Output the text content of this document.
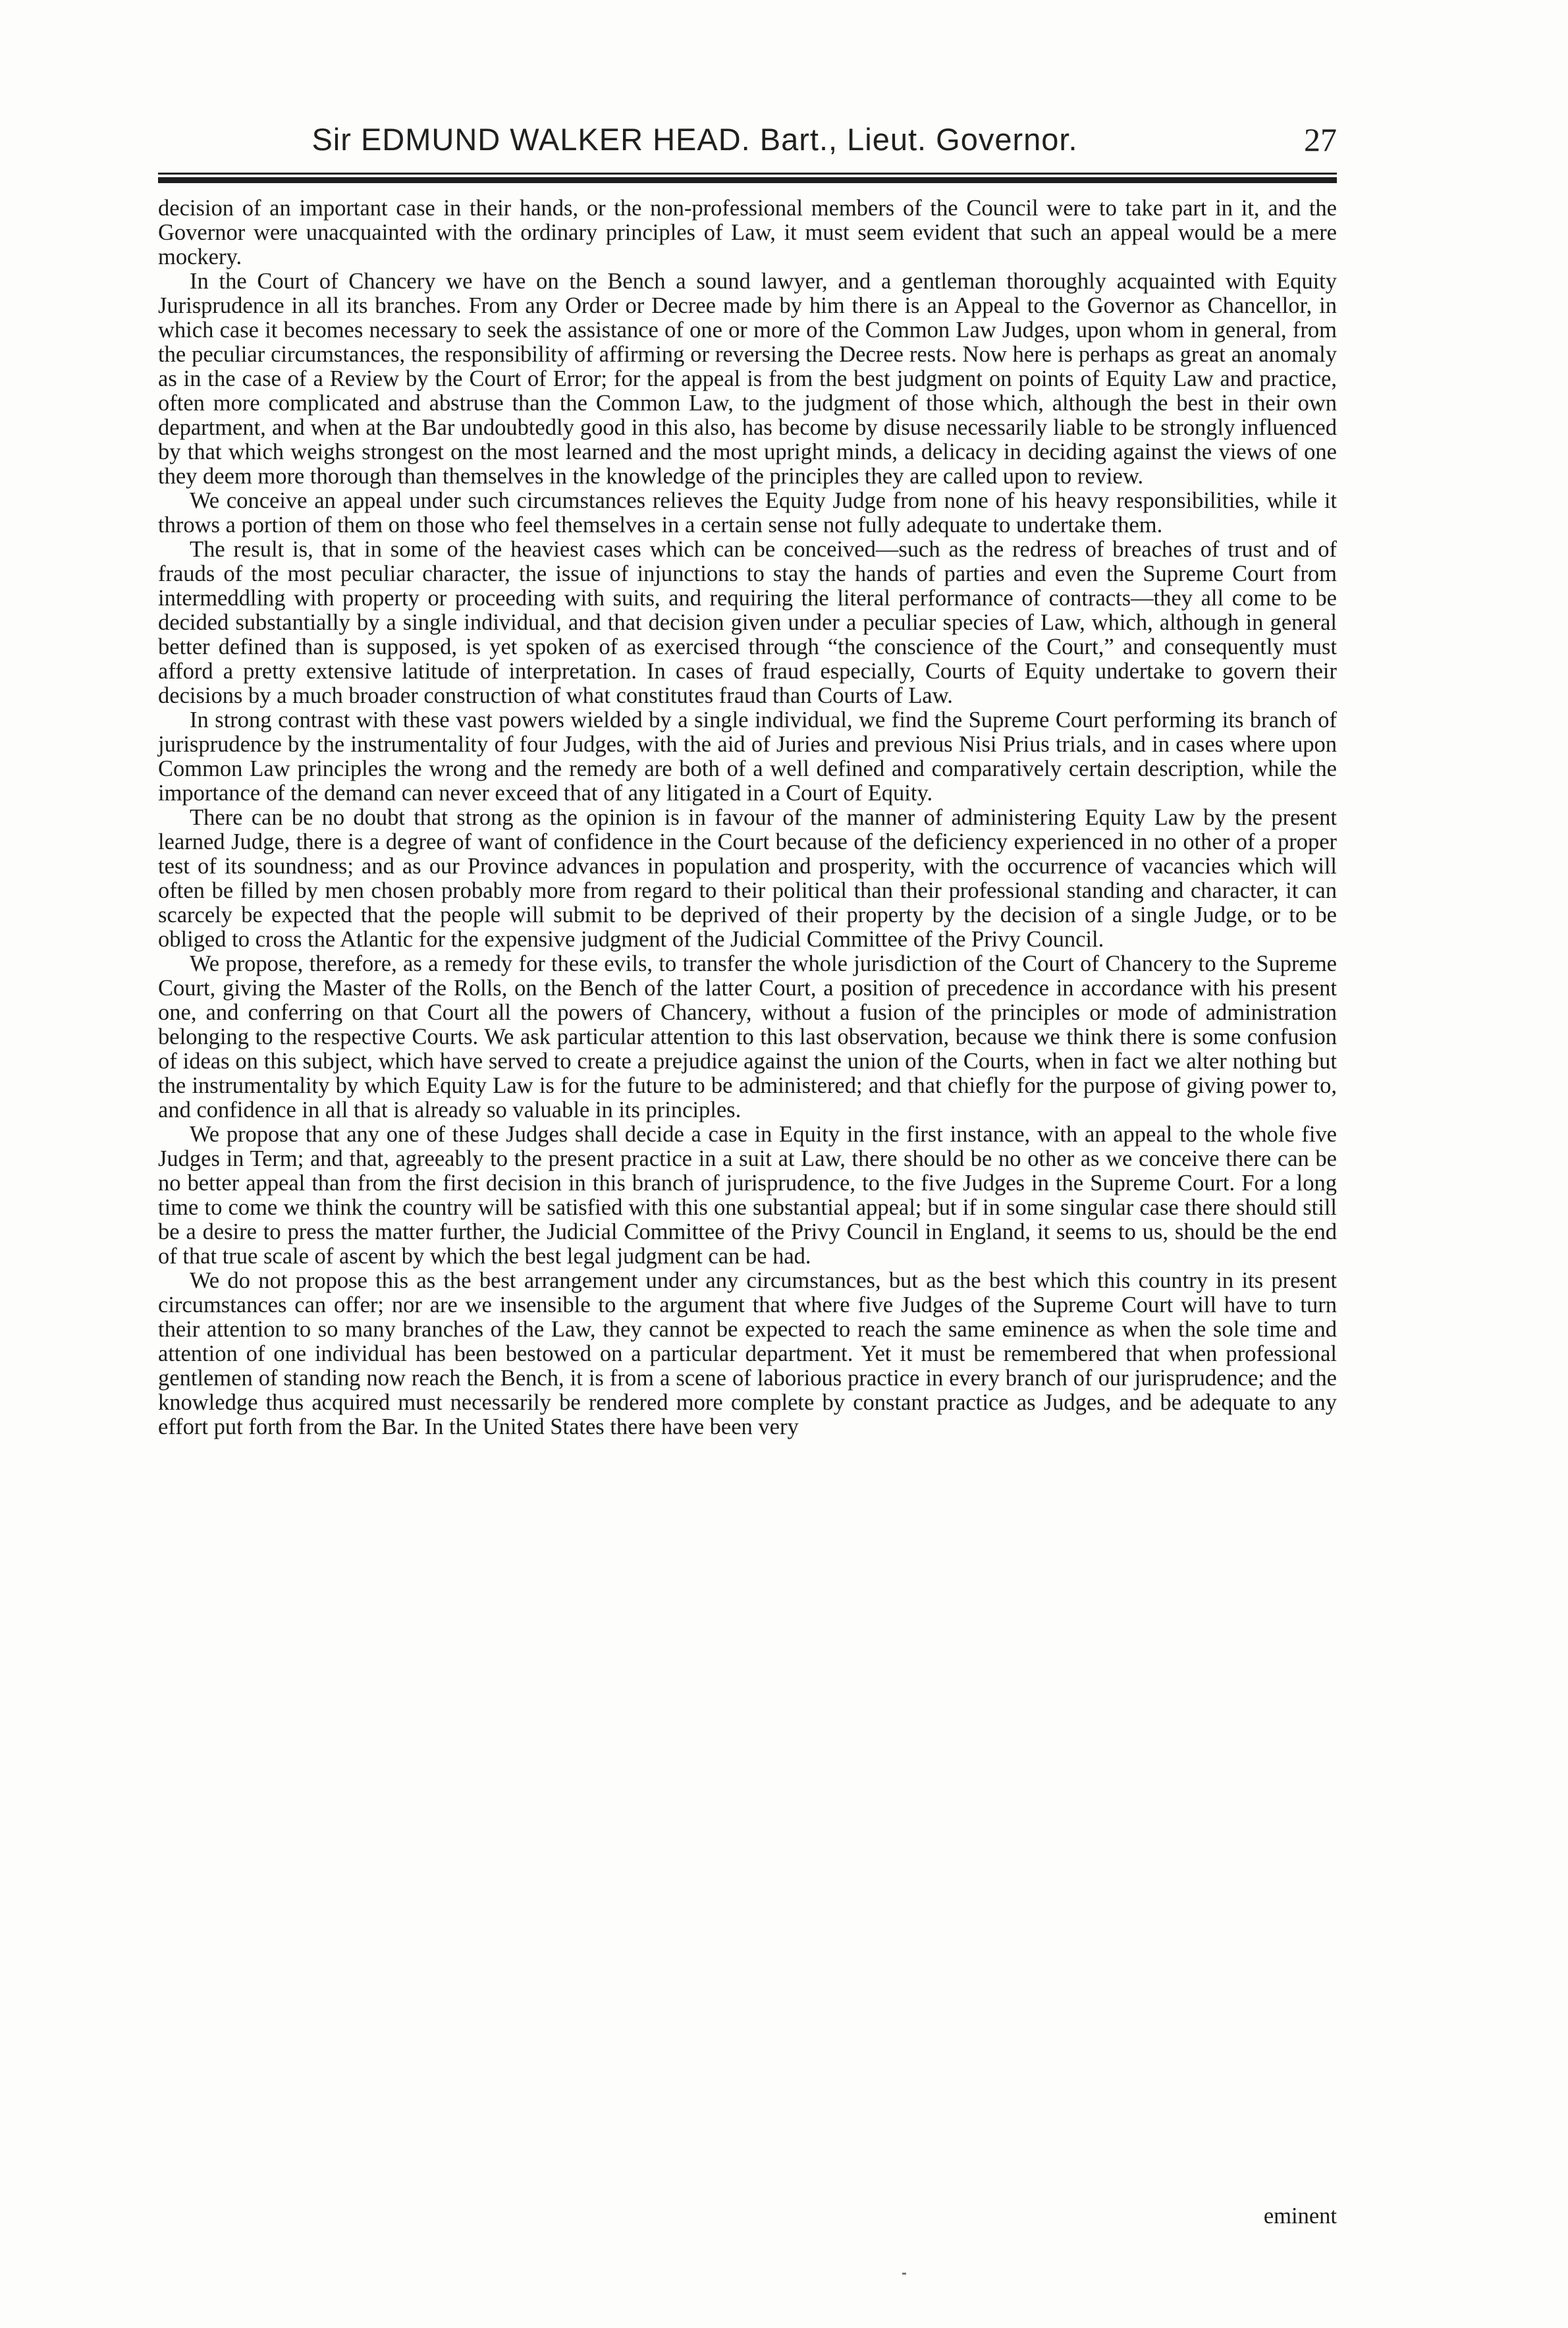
Sir EDMUND WALKER HEAD. Bart., Lieut. Governor.	27

decision of an important case in their hands, or the non-professional members of the Council were to take part in it, and the Governor were unacquainted with the ordinary principles of Law, it must seem evident that such an appeal would be a mere mockery.

In the Court of Chancery we have on the Bench a sound lawyer, and a gentleman thoroughly acquainted with Equity Jurisprudence in all its branches. From any Order or Decree made by him there is an Appeal to the Governor as Chancellor, in which case it becomes necessary to seek the assistance of one or more of the Common Law Judges, upon whom in general, from the peculiar circumstances, the responsibility of affirming or reversing the Decree rests. Now here is perhaps as great an anomaly as in the case of a Review by the Court of Error; for the appeal is from the best judgment on points of Equity Law and practice, often more complicated and abstruse than the Common Law, to the judgment of those which, although the best in their own department, and when at the Bar undoubtedly good in this also, has become by disuse necessarily liable to be strongly influenced by that which weighs strongest on the most learned and the most upright minds, a delicacy in deciding against the views of one they deem more thorough than themselves in the knowledge of the principles they are called upon to review.

We conceive an appeal under such circumstances relieves the Equity Judge from none of his heavy responsibilities, while it throws a portion of them on those who feel themselves in a certain sense not fully adequate to undertake them.

The result is, that in some of the heaviest cases which can be conceived—such as the redress of breaches of trust and of frauds of the most peculiar character, the issue of injunctions to stay the hands of parties and even the Supreme Court from intermeddling with property or proceeding with suits, and requiring the literal performance of contracts—they all come to be decided substantially by a single individual, and that decision given under a peculiar species of Law, which, although in general better defined than is supposed, is yet spoken of as exercised through “the conscience of the Court,” and consequently must afford a pretty extensive latitude of interpretation. In cases of fraud especially, Courts of Equity undertake to govern their decisions by a much broader construction of what constitutes fraud than Courts of Law.

In strong contrast with these vast powers wielded by a single individual, we find the Supreme Court performing its branch of jurisprudence by the instrumentality of four Judges, with the aid of Juries and previous Nisi Prius trials, and in cases where upon Common Law principles the wrong and the remedy are both of a well defined and comparatively certain description, while the importance of the demand can never exceed that of any litigated in a Court of Equity.

There can be no doubt that strong as the opinion is in favour of the manner of administering Equity Law by the present learned Judge, there is a degree of want of confidence in the Court because of the deficiency experienced in no other of a proper test of its soundness; and as our Province advances in population and prosperity, with the occurrence of vacancies which will often be filled by men chosen probably more from regard to their political than their professional standing and character, it can scarcely be expected that the people will submit to be deprived of their property by the decision of a single Judge, or to be obliged to cross the Atlantic for the expensive judgment of the Judicial Committee of the Privy Council.

We propose, therefore, as a remedy for these evils, to transfer the whole jurisdiction of the Court of Chancery to the Supreme Court, giving the Master of the Rolls, on the Bench of the latter Court, a position of precedence in accordance with his present one, and conferring on that Court all the powers of Chancery, without a fusion of the principles or mode of administration belonging to the respective Courts. We ask particular attention to this last observation, because we think there is some confusion of ideas on this subject, which have served to create a prejudice against the union of the Courts, when in fact we alter nothing but the instrumentality by which Equity Law is for the future to be administered; and that chiefly for the purpose of giving power to, and confidence in all that is already so valuable in its principles.

We propose that any one of these Judges shall decide a case in Equity in the first instance, with an appeal to the whole five Judges in Term; and that, agreeably to the present practice in a suit at Law, there should be no other as we conceive there can be no better appeal than from the first decision in this branch of jurisprudence, to the five Judges in the Supreme Court. For a long time to come we think the country will be satisfied with this one substantial appeal; but if in some singular case there should still be a desire to press the matter further, the Judicial Committee of the Privy Council in England, it seems to us, should be the end of that true scale of ascent by which the best legal judgment can be had.

We do not propose this as the best arrangement under any circumstances, but as the best which this country in its present circumstances can offer; nor are we insensible to the argument that where five Judges of the Supreme Court will have to turn their attention to so many branches of the Law, they cannot be expected to reach the same eminence as when the sole time and attention of one individual has been bestowed on a particular department. Yet it must be remembered that when professional gentlemen of standing now reach the Bench, it is from a scene of laborious practice in every branch of our jurisprudence; and the knowledge thus acquired must necessarily be rendered more complete by constant practice as Judges, and be adequate to any effort put forth from the Bar. In the United States there have been very

eminent
